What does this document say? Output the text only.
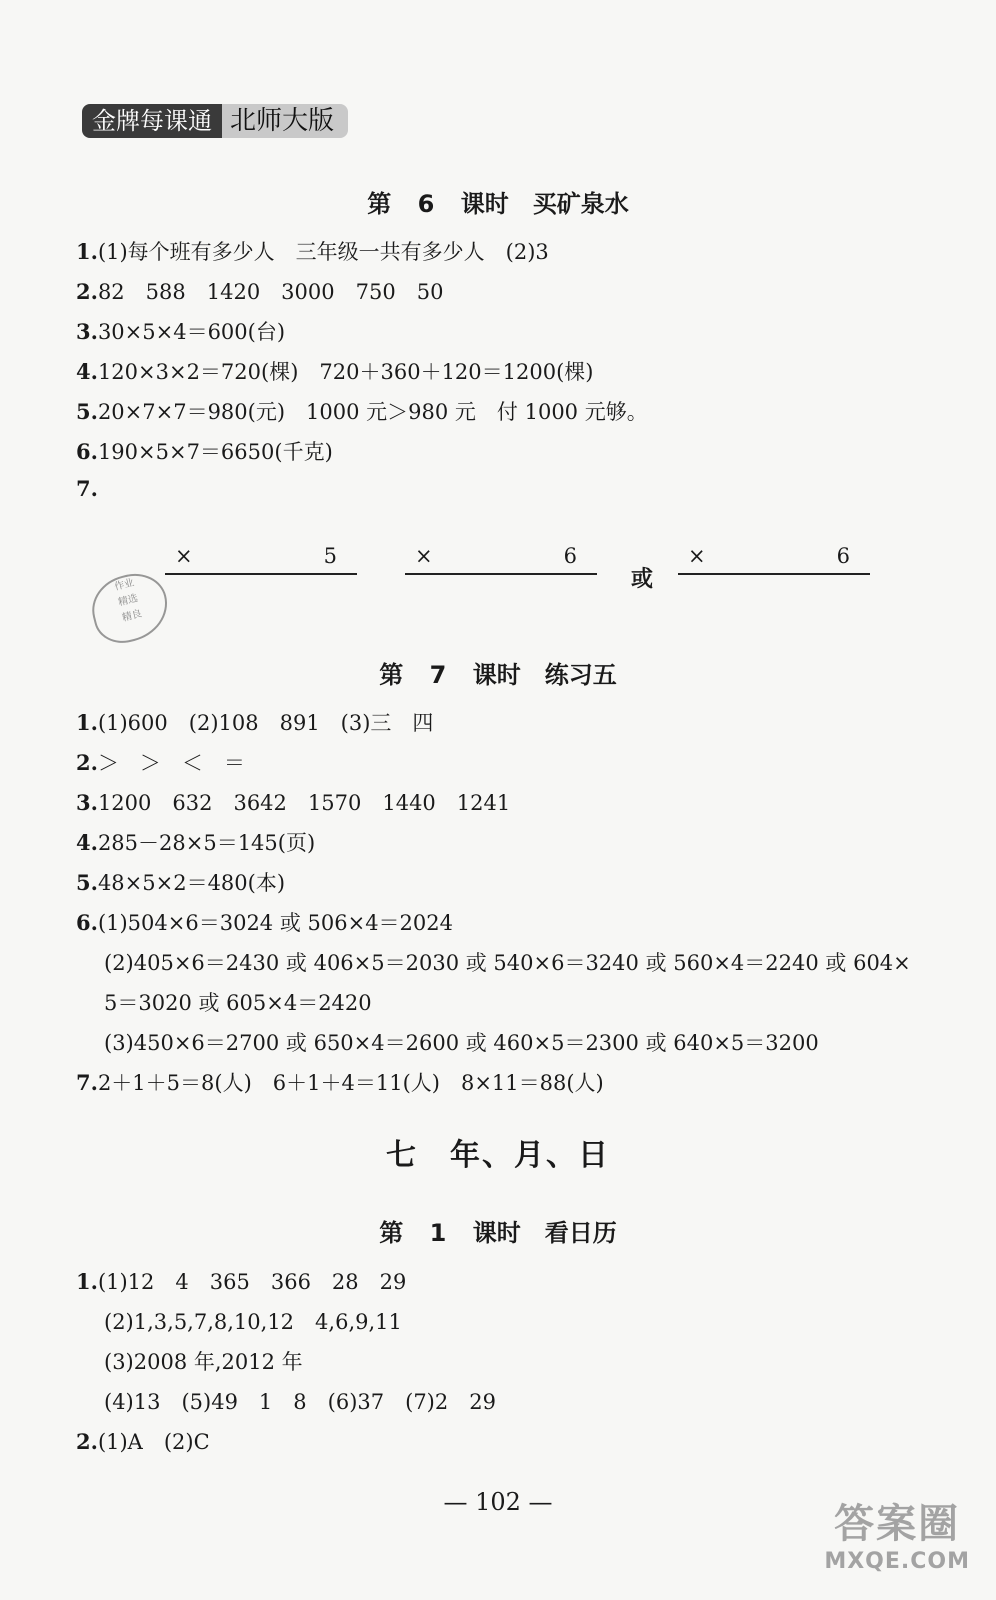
金牌每课通 北师大版
第 6 课时　买矿泉水
1.(1)每个班有多少人　三年级一共有多少人　(2)3
2.82　588　1420　3000　750　50
3.30×5×4＝600(台)
4.120×3×2＝720(棵)　720＋360＋120＝1200(棵)
5.20×7×7＝980(元)　1000 元＞980 元　付 1000 元够。
6.190×5×7＝6650(千克)
7.
作业
精选
精良
×	5	×	6	×	6
或
第 7 课时　练习五
1.(1)600　(2)108　891　(3)三　四
2.＞　＞　＜　＝
3.1200　632　3642　1570　1440　1241
4.285－28×5＝145(页)
5.48×5×2＝480(本)
6.(1)504×6＝3024 或 506×4＝2024
(2)405×6＝2430 或 406×5＝2030 或 540×6＝3240 或 560×4＝2240 或 604×
5＝3020 或 605×4＝2420
(3)450×6＝2700 或 650×4＝2600 或 460×5＝2300 或 640×5＝3200
7.2＋1＋5＝8(人)　6＋1＋4＝11(人)　8×11＝88(人)
七　年、月、日
第 1 课时　看日历
1.(1)12　4　365　366　28　29
(2)1,3,5,7,8,10,12　4,6,9,11
(3)2008 年,2012 年
(4)13　(5)49　1　8　(6)37　(7)2　29
2.(1)A　(2)C
— 102 —	答案圈
MXQE.COM
